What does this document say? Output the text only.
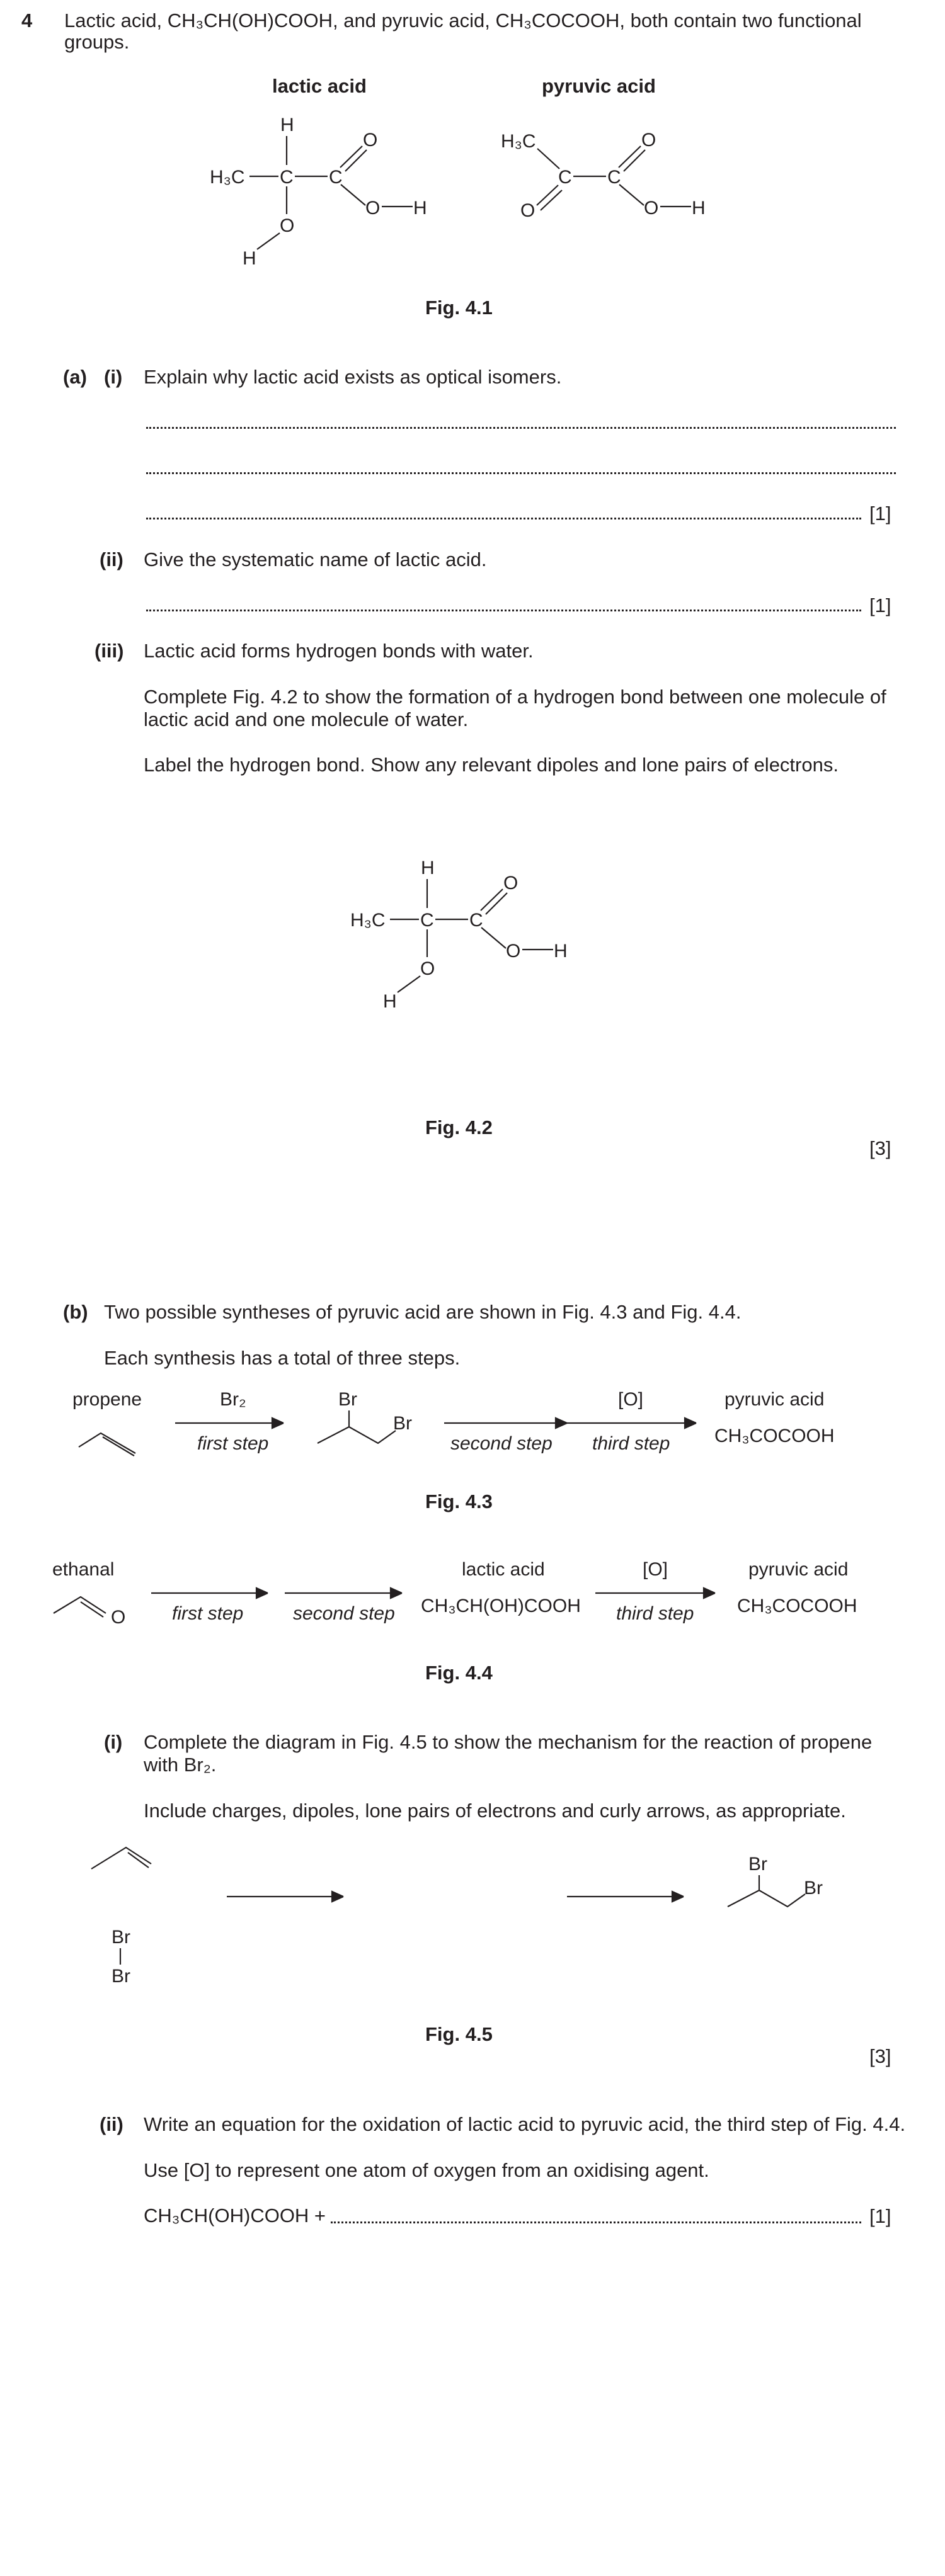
4 Lactic acid, CH₃CH(OH)COOH, and pyruvic acid, CH₃COCOOH, both contain two functional
groups.
lactic acid	pyruvic acid
H
H₃C C C
O
O H
O
H
H₃C
C C
O
O H
O
Fig. 4.1
(a) (i) Explain why lactic acid exists as optical isomers.
[1]
(ii) Give the systematic name of lactic acid.
[1]
(iii) Lactic acid forms hydrogen bonds with water.
Complete Fig. 4.2 to show the formation of a hydrogen bond between one molecule of
lactic acid and one molecule of water.
Label the hydrogen bond. Show any relevant dipoles and lone pairs of electrons.
H
H₃C C C
O
O H
O
H
Fig. 4.2
[3]
(b) Two possible syntheses of pyruvic acid are shown in Fig. 4.3 and Fig. 4.4.
Each synthesis has a total of three steps.
propene	Br₂
first step
Br
Br
second step
[O]
third step
pyruvic acid
CH₃COCOOH
Fig. 4.3
ethanal
O first step	second step
lactic acid
CH₃CH(OH)COOH
[O]
third step
pyruvic acid
CH₃COCOOH
Fig. 4.4
(i) Complete the diagram in Fig. 4.5 to show the mechanism for the reaction of propene
with Br₂.
Include charges, dipoles, lone pairs of electrons and curly arrows, as appropriate.
Br
Br
Br
Br
Fig. 4.5
[3]
(ii) Write an equation for the oxidation of lactic acid to pyruvic acid, the third step of Fig. 4.4.
Use [O] to represent one atom of oxygen from an oxidising agent.
CH₃CH(OH)COOH +	[1]
